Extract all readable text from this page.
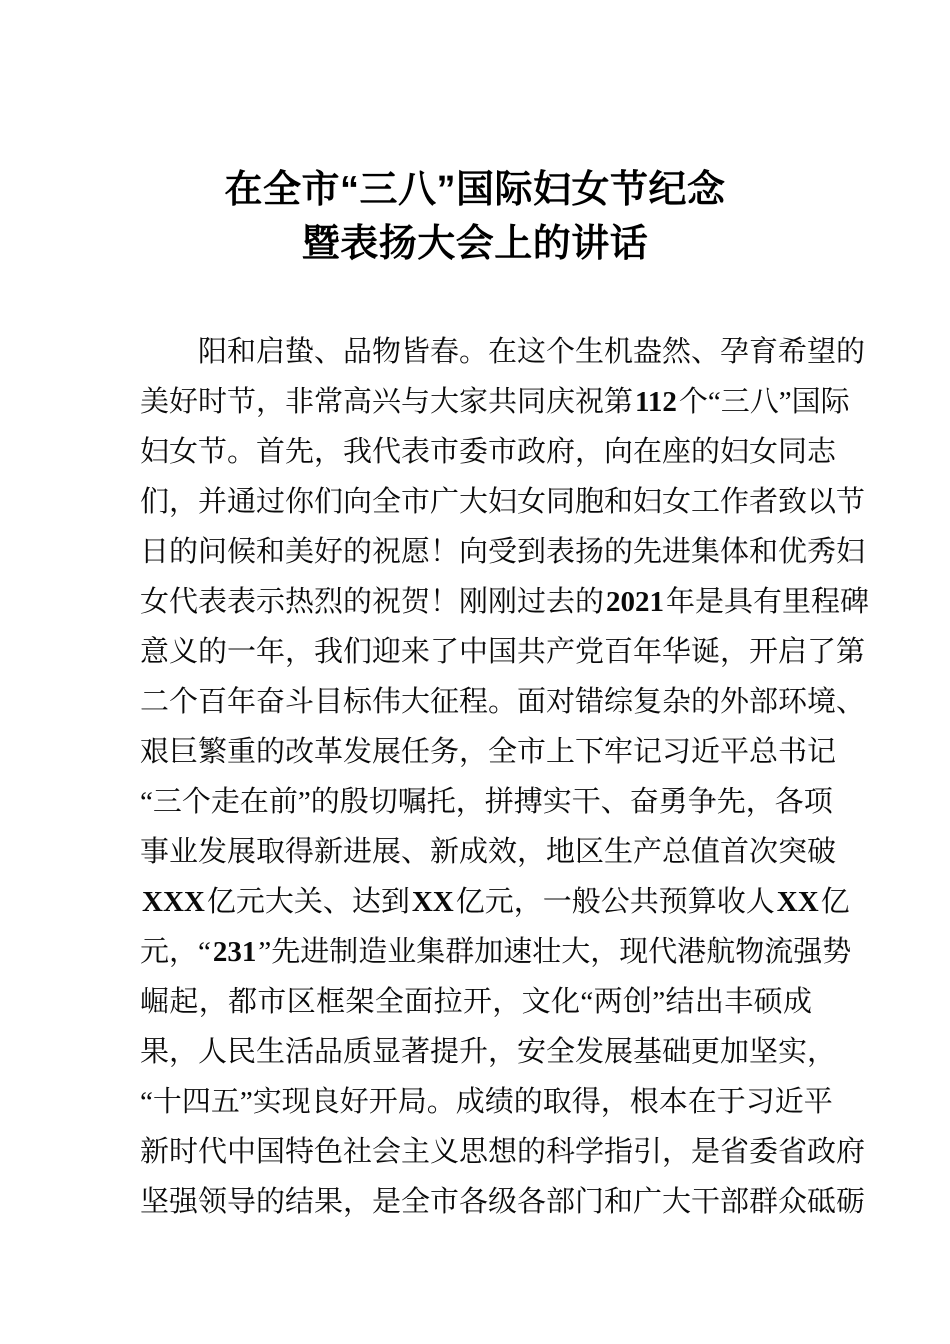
在全市“三八”国际妇女节纪念
暨表扬大会上的讲话
阳和启蛰、品物皆春。在这个生机盎然、孕育希望的
美好时节，非常高兴与大家共同庆祝第112个“三八”国际
妇女节。首先，我代表市委市政府，向在座的妇女同志
们，并通过你们向全市广大妇女同胞和妇女工作者致以节
日的问候和美好的祝愿！向受到表扬的先进集体和优秀妇
女代表表示热烈的祝贺！刚刚过去的2021年是具有里程碑
意义的一年，我们迎来了中国共产党百年华诞，开启了第
二个百年奋斗目标伟大征程。面对错综复杂的外部环境、
艰巨繁重的改革发展任务，全市上下牢记习近平总书记
“三个走在前”的殷切嘱托，拼搏实干、奋勇争先，各项
事业发展取得新进展、新成效，地区生产总值首次突破
XXX亿元大关、达到XX亿元，一般公共预算收人XX亿
元，“231”先进制造业集群加速壮大，现代港航物流强势
崛起，都市区框架全面拉开，文化“两创”结出丰硕成
果，人民生活品质显著提升，安全发展基础更加坚实，
“十四五”实现良好开局。成绩的取得，根本在于习近平
新时代中国特色社会主义思想的科学指引，是省委省政府
坚强领导的结果，是全市各级各部门和广大干部群众砥砺
